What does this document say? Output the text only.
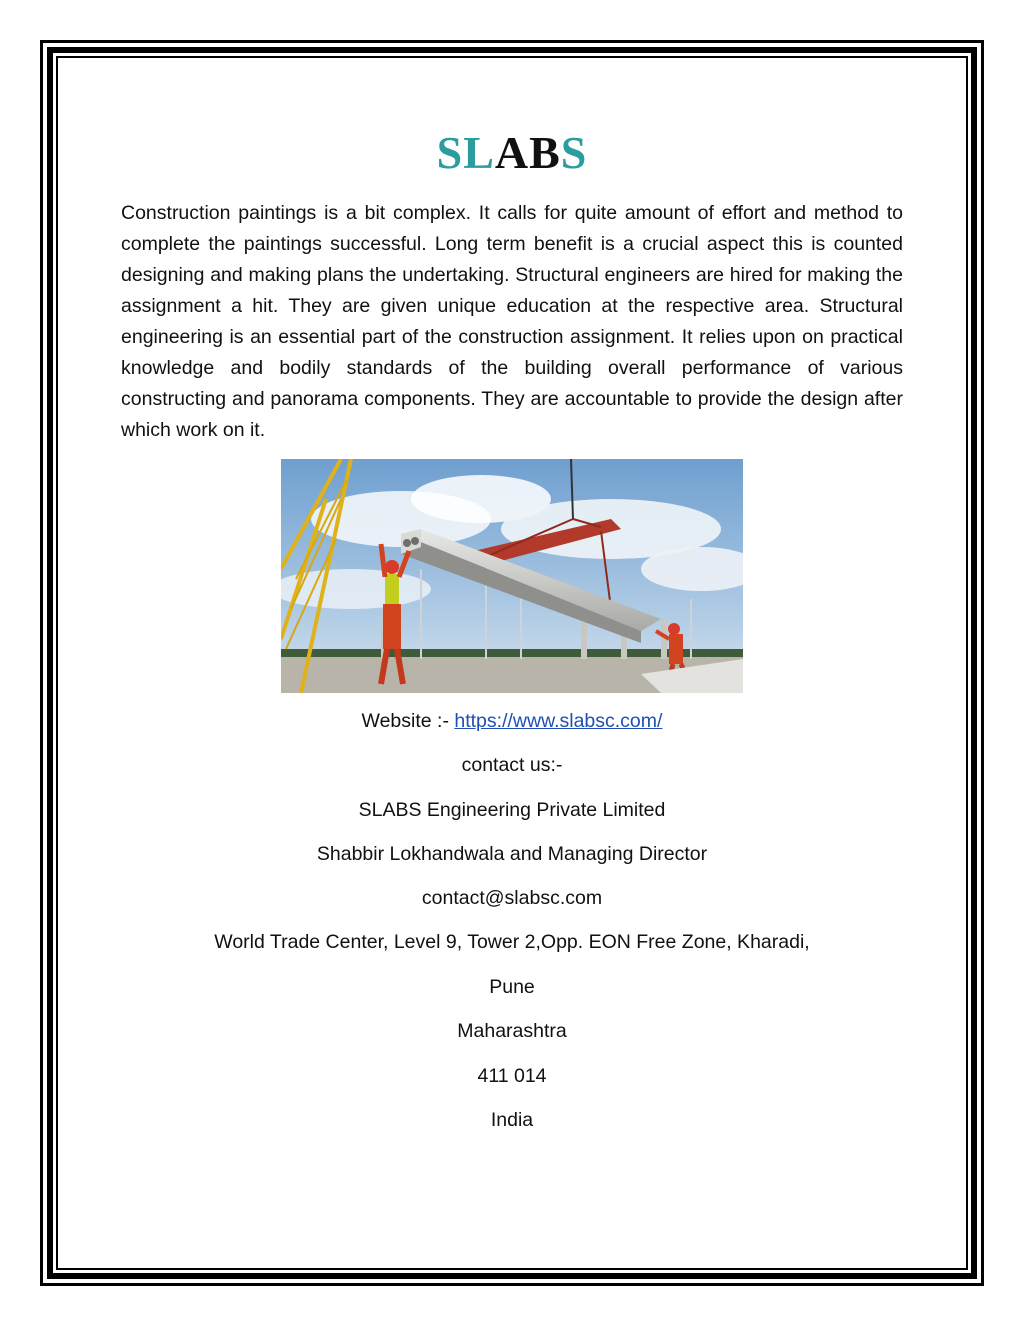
SLABS
Construction paintings is a bit complex. It calls for quite amount of effort and method to complete the paintings successful. Long term benefit is a crucial aspect this is counted designing and making plans the undertaking. Structural engineers are hired for making the assignment a hit. They are given unique education at the respective area. Structural engineering is an essential part of the construction assignment. It relies upon on practical knowledge and bodily standards of the building overall performance of various constructing and panorama components. They are accountable to provide the design after which work on it.
Website :- https://www.slabsc.com/
contact us:-
SLABS Engineering Private Limited
Shabbir Lokhandwala and Managing Director
contact@slabsc.com
World Trade Center, Level 9, Tower 2,Opp. EON Free Zone, Kharadi,
Pune
Maharashtra
411 014
India
